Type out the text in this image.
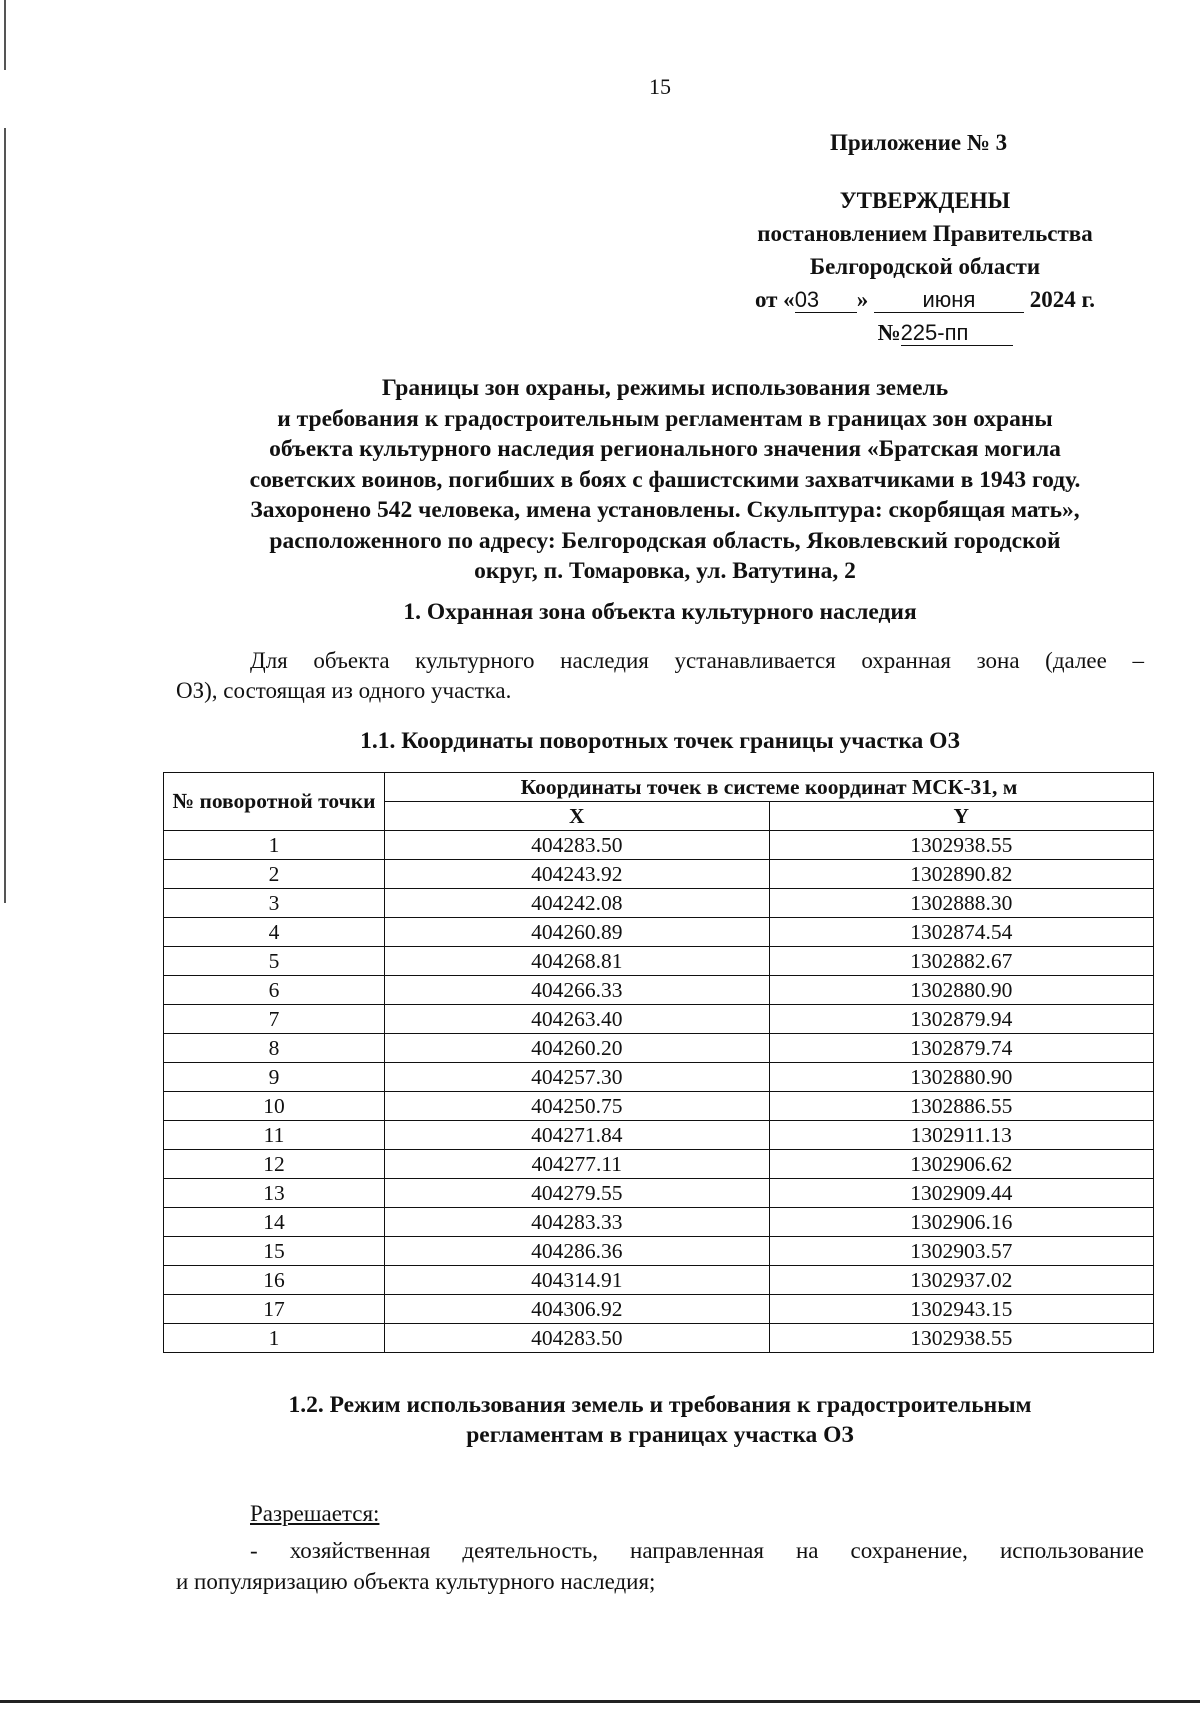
15
Приложение № 3
УТВЕРЖДЕНЫ
постановлением Правительства
Белгородской области
от «03 » июня 2024 г.
№225-пп
Границы зон охраны, режимы использования земель
и требования к градостроительным регламентам в границах зон охраны
объекта культурного наследия регионального значения «Братская могила
советских воинов, погибших в боях с фашистскими захватчиками в 1943 году.
Захоронено 542 человека, имена установлены. Скульптура: скорбящая мать»,
расположенного по адресу: Белгородская область, Яковлевский городской
округ, п. Томаровка, ул. Ватутина, 2
1. Охранная зона объекта культурного наследия
Для объекта культурного наследия устанавливается охранная зона (далее –
ОЗ), состоящая из одного участка.
1.1. Координаты поворотных точек границы участка ОЗ
№ поворотной точки	Координаты точек в системе координат МСК-31, м	
	X	Y
1	404283.50	1302938.55
2	404243.92	1302890.82
3	404242.08	1302888.30
4	404260.89	1302874.54
5	404268.81	1302882.67
6	404266.33	1302880.90
7	404263.40	1302879.94
8	404260.20	1302879.74
9	404257.30	1302880.90
10	404250.75	1302886.55
11	404271.84	1302911.13
12	404277.11	1302906.62
13	404279.55	1302909.44
14	404283.33	1302906.16
15	404286.36	1302903.57
16	404314.91	1302937.02
17	404306.92	1302943.15
1	404283.50	1302938.55
1.2. Режим использования земель и требования к градостроительным
регламентам в границах участка ОЗ
Разрешается:
- хозяйственная деятельность, направленная на сохранение, использование
и популяризацию объекта культурного наследия;
